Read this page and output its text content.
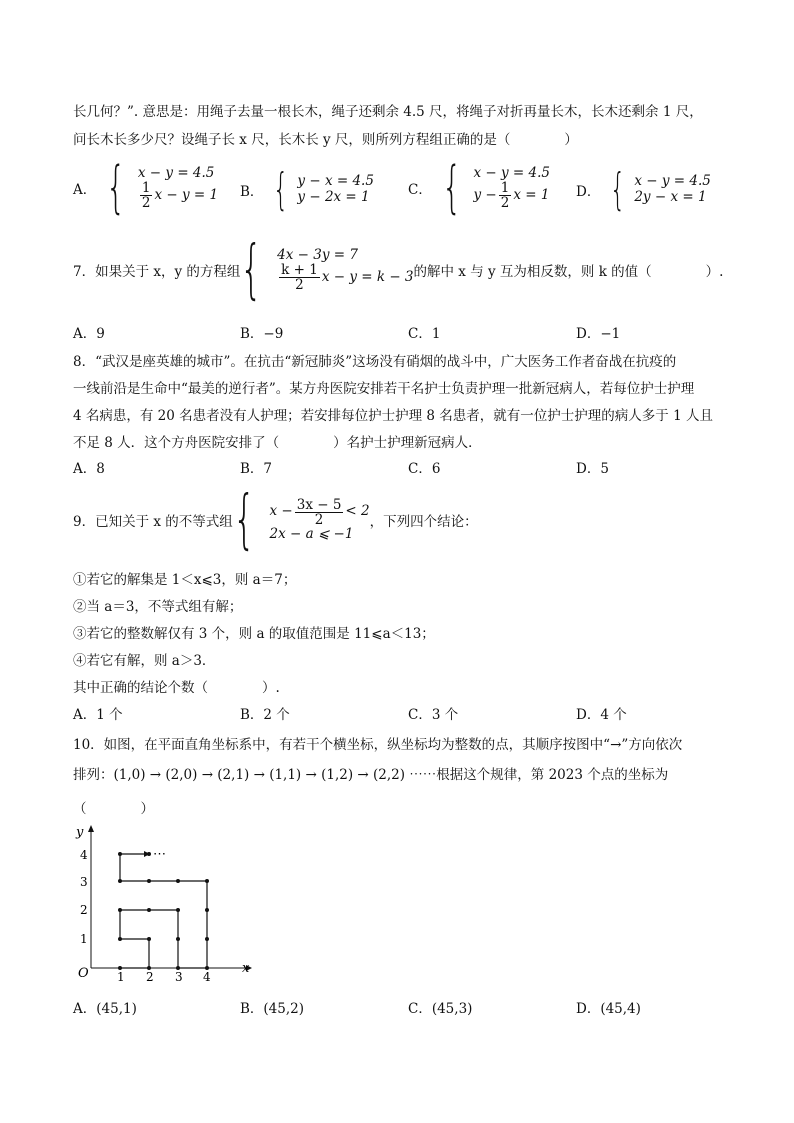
长几何？”. 意思是：用绳子去量一根长木，绳子还剩余 4.5 尺，将绳子对折再量长木，长木还剩余 1 尺，
问长木长多少尺？设绳子长 x 尺，长木长 y 尺，则所列方程组正确的是（　　　　）
A． { x − y = 4.5
$\frac{1}{2}$ x − y = 1 B． { y − x = 4.5
y − 2x = 1	C． { x − y = 4.5
$y - \frac{1}{2}$ x = 1 D． { x − y = 4.5
2y − x = 1
7．如果关于 x，y 的方程组 { 4x − 3y = 7
$\frac{k + 1}{2}$ x − y = k − 3 的解中 x 与 y 互为相反数，则 k 的值（　　　　）.
A．9	B．−9	C．1	D．−1
8．“武汉是座英雄的城市”。在抗击“新冠肺炎”这场没有硝烟的战斗中，广大医务工作者奋战在抗疫的
一线前沿是生命中“最美的逆行者”。某方舟医院安排若干名护士负责护理一批新冠病人，若每位护士护理
4 名病患，有 20 名患者没有人护理；若安排每位护士护理 8 名患者，就有一位护士护理的病人多于 1 人且
不足 8 人．这个方舟医院安排了（　　　　）名护士护理新冠病人．
A．8	B．7	C．6	D．5
9．已知关于 x 的不等式组 { $x - \frac{3x - 5}{2} < 2$
2x − a ⩽ −1
，下列四个结论：
①若它的解集是 1＜x⩽3，则 a＝7；
②当 a＝3，不等式组有解；
③若它的整数解仅有 3 个，则 a 的取值范围是 11⩽a＜13；
④若它有解，则 a＞3．
其中正确的结论个数（　　　　）.
A．1 个	B．2 个	C．3 个	D．4 个
10．如图，在平面直角坐标系中，有若干个横坐标，纵坐标均为整数的点，其顺序按图中“→”方向依次
排列：(1,0) → (2,0) → (2,1) → (1,1) → (1,2) → (2,2) ⋯⋯根据这个规律，第 2023 个点的坐标为
（　　　　）
x
y
O 1 2 3 4
1
2
3
4	⋯
A．(45,1)	B．(45,2)	C．(45,3)	D．(45,4)
